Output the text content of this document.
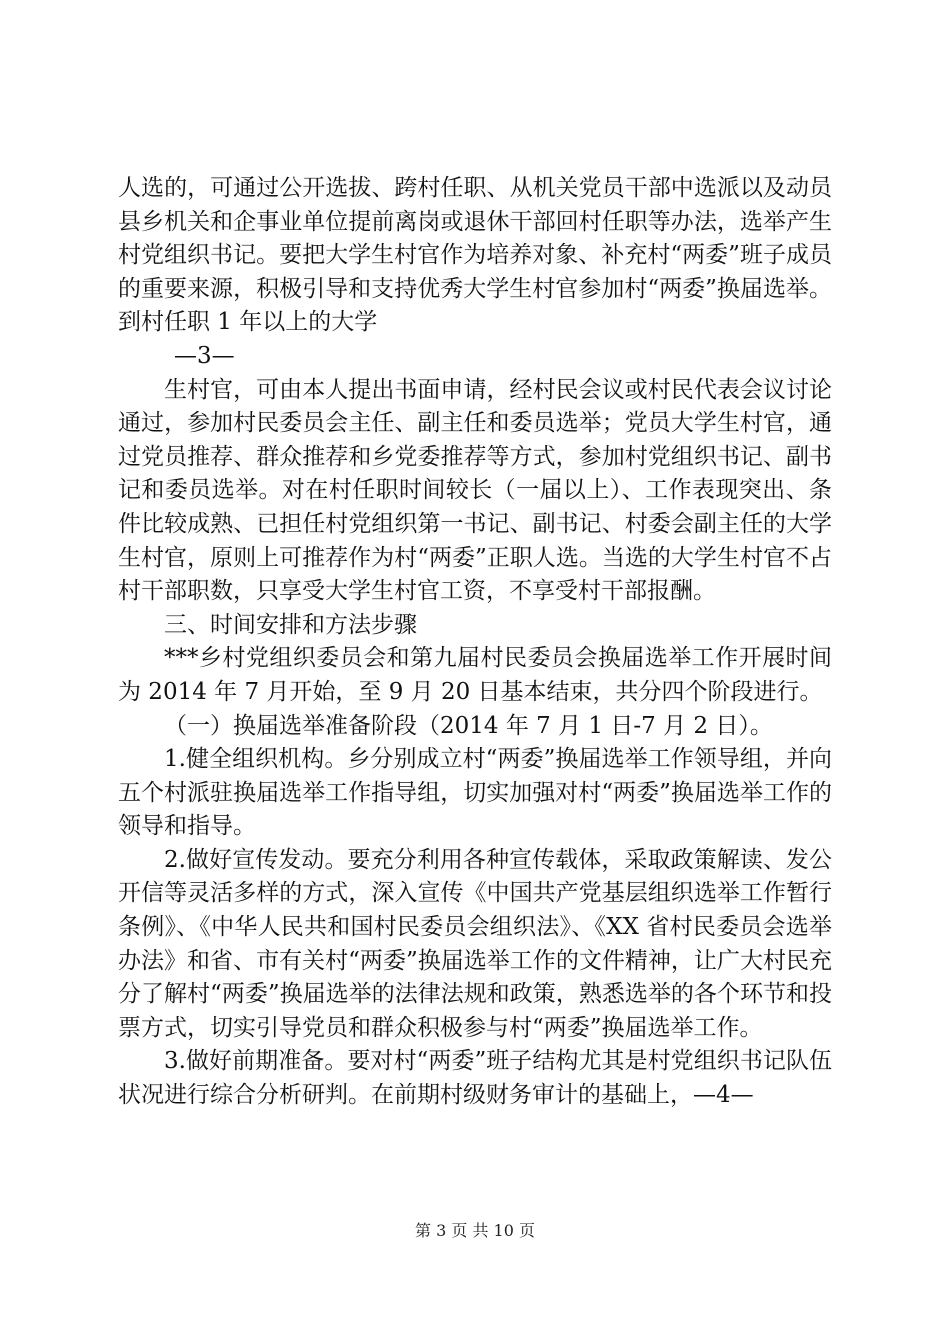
人选的，可通过公开选拔、跨村任职、从机关党员干部中选派以及动员县乡机关和企事业单位提前离岗或退休干部回村任职等办法，选举产生村党组织书记。要把大学生村官作为培养对象、补充村“两委”班子成员的重要来源，积极引导和支持优秀大学生村官参加村“两委”换届选举。到村任职 1 年以上的大学

—3—

生村官，可由本人提出书面申请，经村民会议或村民代表会议讨论通过，参加村民委员会主任、副主任和委员选举；党员大学生村官，通过党员推荐、群众推荐和乡党委推荐等方式，参加村党组织书记、副书记和委员选举。对在村任职时间较长（一届以上）、工作表现突出、条件比较成熟、已担任村党组织第一书记、副书记、村委会副主任的大学生村官，原则上可推荐作为村“两委”正职人选。当选的大学生村官不占村干部职数，只享受大学生村官工资，不享受村干部报酬。

三、时间安排和方法步骤

***乡村党组织委员会和第九届村民委员会换届选举工作开展时间为 2014 年 7 月开始，至 9 月 20 日基本结束，共分四个阶段进行。

（一）换届选举准备阶段（2014 年 7 月 1 日-7 月 2 日）。

1.健全组织机构。乡分别成立村“两委”换届选举工作领导组，并向五个村派驻换届选举工作指导组，切实加强对村“两委”换届选举工作的领导和指导。

2.做好宣传发动。要充分利用各种宣传载体，采取政策解读、发公开信等灵活多样的方式，深入宣传《中国共产党基层组织选举工作暂行条例》、《中华人民共和国村民委员会组织法》、《XX 省村民委员会选举办法》和省、市有关村“两委”换届选举工作的文件精神，让广大村民充分了解村“两委”换届选举的法律法规和政策，熟悉选举的各个环节和投票方式，切实引导党员和群众积极参与村“两委”换届选举工作。

3.做好前期准备。要对村“两委”班子结构尤其是村党组织书记队伍状况进行综合分析研判。在前期村级财务审计的基础上，—4—

第 3 页 共 10 页
